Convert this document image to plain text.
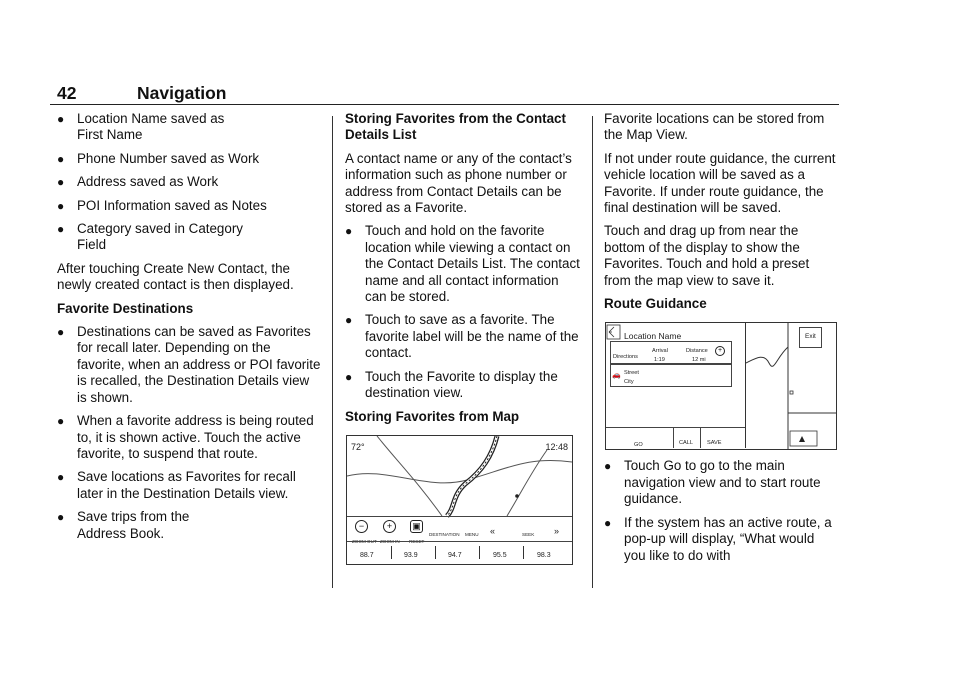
42	Navigation
● Location Name saved as
First Name
● Phone Number saved as Work
● Address saved as Work
● POI Information saved as Notes
● Category saved in Category
Field

After touching Create New Contact, the newly created contact is then displayed.

Favorite Destinations

● Destinations can be saved as Favorites for recall later. Depending on the favorite, when an address or POI favorite is recalled, the Destination Details view is shown.
● When a favorite address is being routed to, it is shown active. Touch the active favorite, to suspend that route.
● Save locations as Favorites for recall later in the Destination Details view.
● Save trips from the
Address Book.

Storing Favorites from the Contact Details List

A contact name or any of the contact’s information such as phone number or address from Contact Details can be stored as a Favorite.

● Touch and hold on the favorite location while viewing a contact on the Contact Details List. The contact name and all contact information can be stored.
● Touch to save as a favorite. The favorite label will be the name of the contact.
● Touch the Favorite to display the destination view.

Storing Favorites from Map

72°	12:48
−
ZOOM OUT
+
ZOOM IN
▣
RESET
DESTINATION MENU «	SEEK »
88.7	93.9	94.7	95.5	98.3

Favorite locations can be stored from the Map View.

If not under route guidance, the current vehicle location will be saved as a Favorite. If under route guidance, the final destination will be saved.

Touch and drag up from near the bottom of the display to show the Favorites. Touch and hold a preset from the map view to save it.

Route Guidance

Location Name	Exit
Directions
Arrival
1:19
Distance
12 mi
+
🚗 Street
City
GO	CALL	SAVE
● Touch Go to go to the main navigation view and to start route guidance.
● If the system has an active route, a pop-up will display, “What would you like to do with
